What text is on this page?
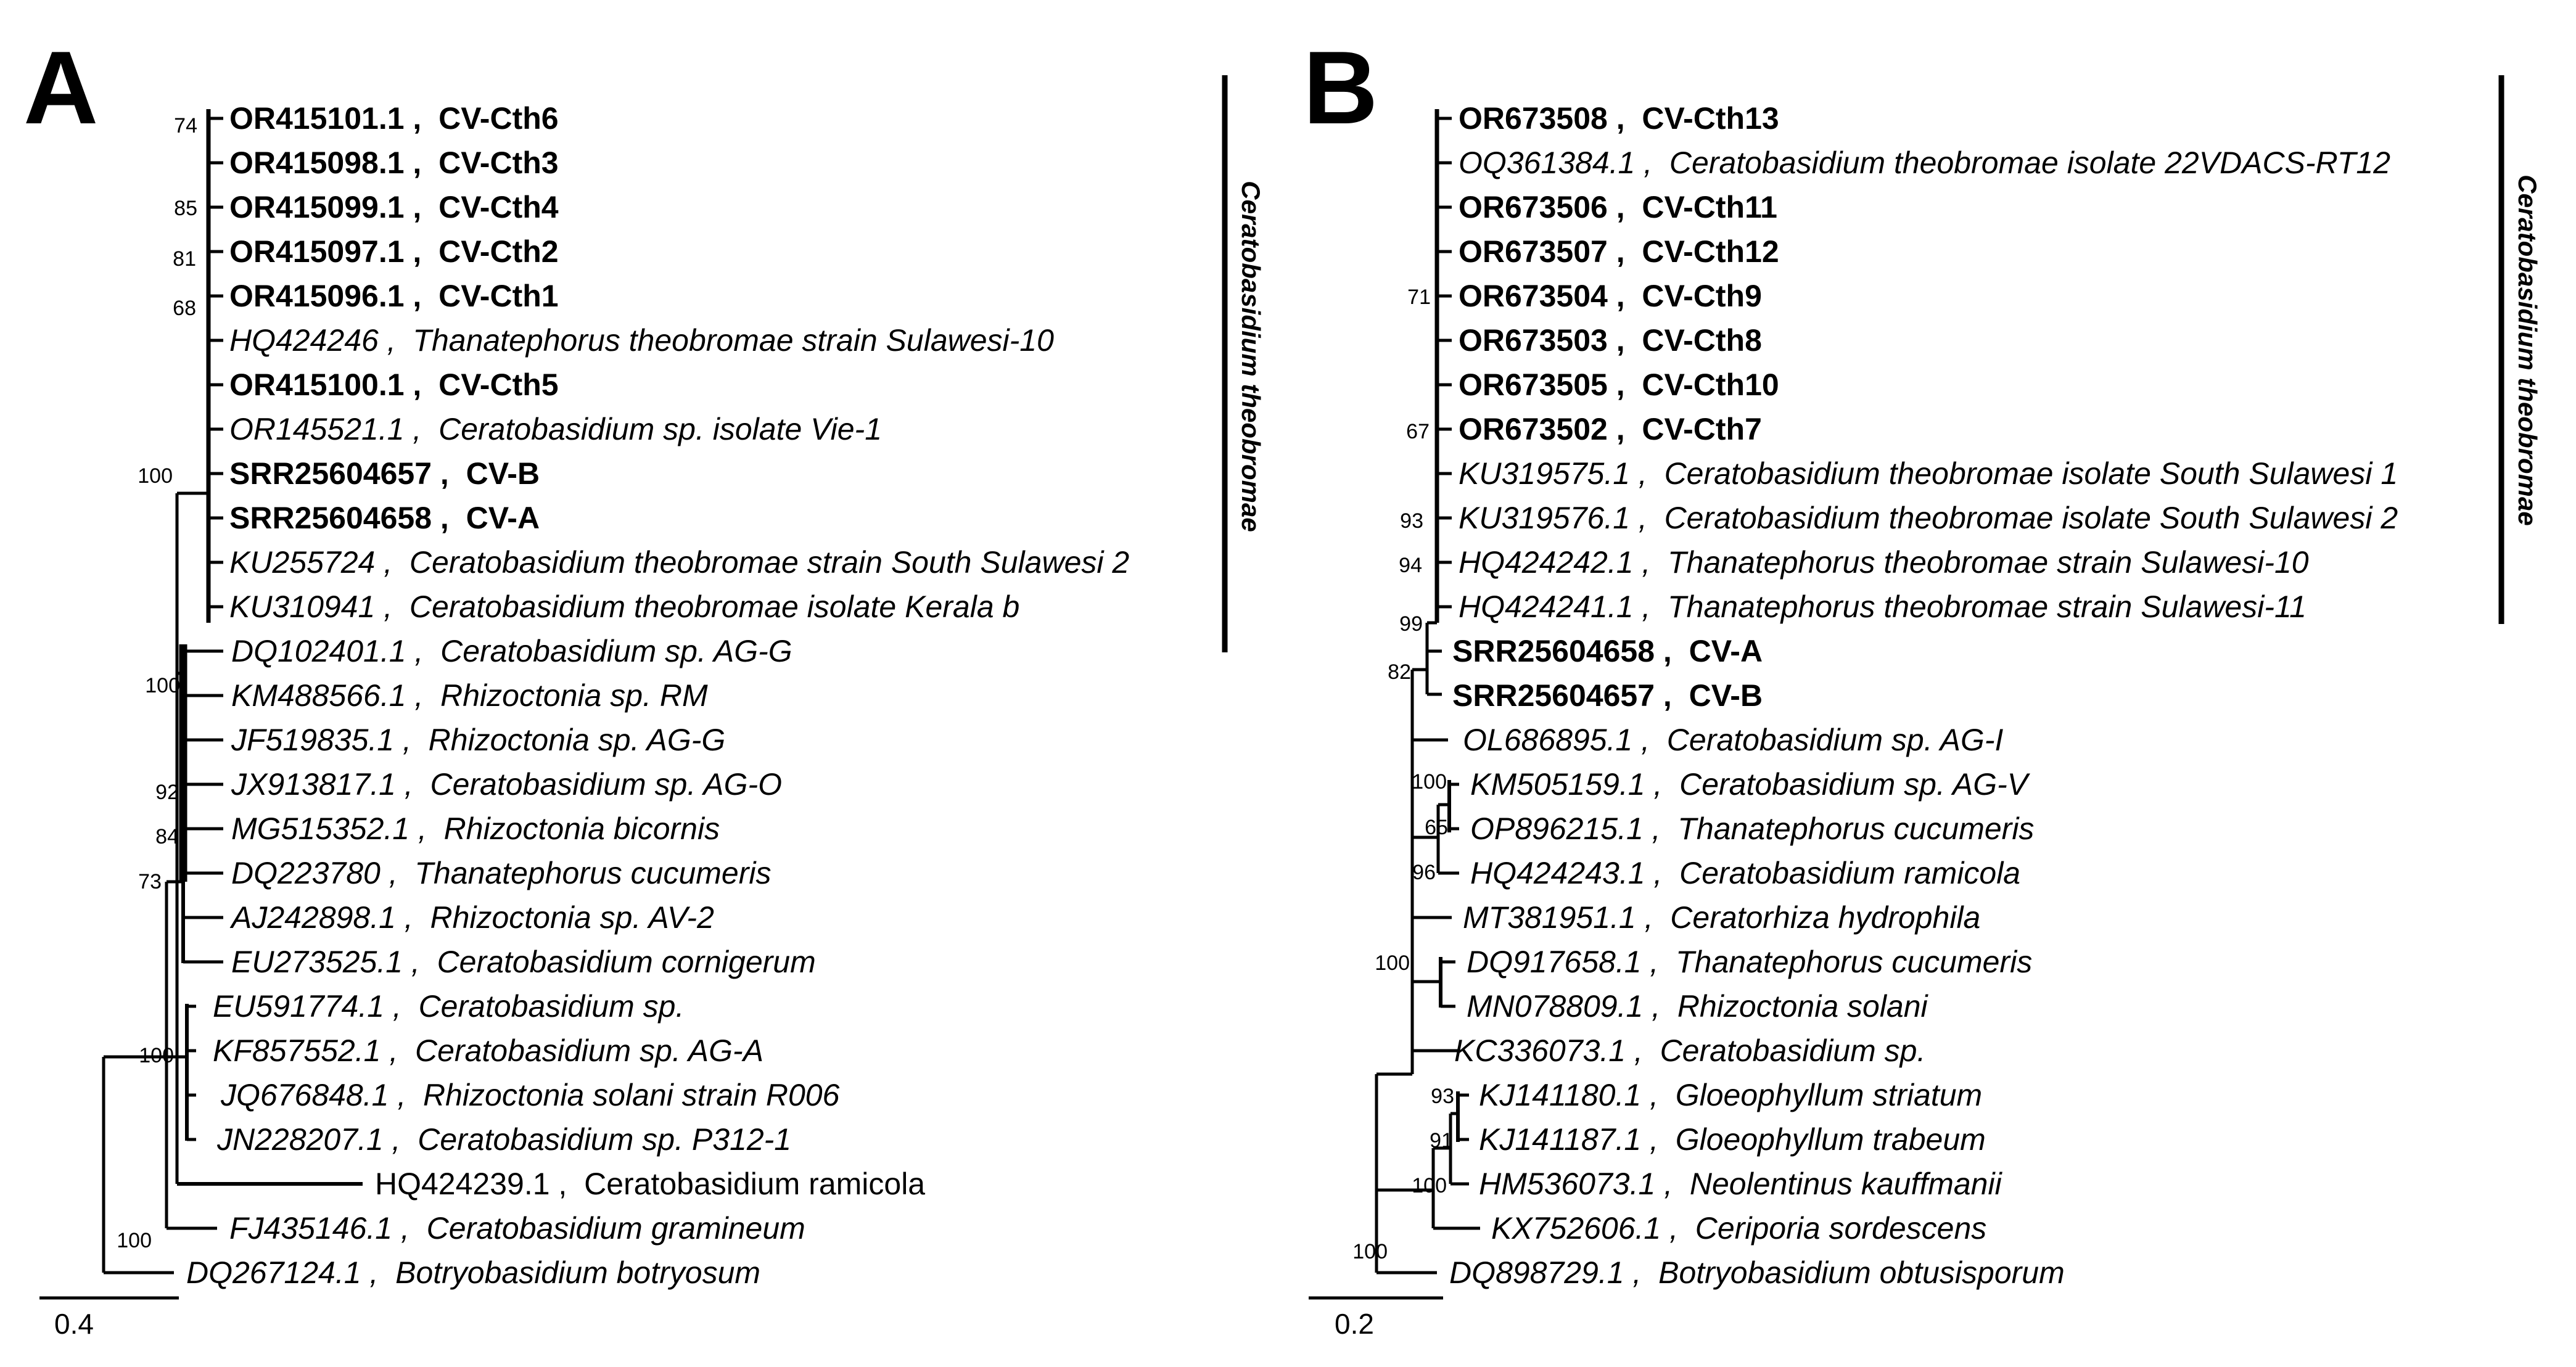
A
Ceratobasidium theobromae
0.4
B
Ceratobasidium theobromae
0.2
OR415101.1 ,  CV-Cth6
OR415098.1 ,  CV-Cth3
OR415099.1 ,  CV-Cth4
OR415097.1 ,  CV-Cth2
OR415096.1 ,  CV-Cth1
HQ424246 ,  Thanatephorus theobromae strain Sulawesi-10
OR415100.1 ,  CV-Cth5
OR145521.1 ,  Ceratobasidium sp. isolate Vie-1
SRR25604657 ,  CV-B
SRR25604658 ,  CV-A
KU255724 ,  Ceratobasidium theobromae strain South Sulawesi 2
KU310941 ,  Ceratobasidium theobromae isolate Kerala b
DQ102401.1 ,  Ceratobasidium sp. AG-G
KM488566.1 ,  Rhizoctonia sp. RM
JF519835.1 ,  Rhizoctonia sp. AG-G
JX913817.1 ,  Ceratobasidium sp. AG-O
MG515352.1 ,  Rhizoctonia bicornis
DQ223780 ,  Thanatephorus cucumeris
AJ242898.1 ,  Rhizoctonia sp. AV-2
EU273525.1 ,  Ceratobasidium cornigerum
EU591774.1 ,  Ceratobasidium sp.
KF857552.1 ,  Ceratobasidium sp. AG-A
JQ676848.1 ,  Rhizoctonia solani strain R006
JN228207.1 ,  Ceratobasidium sp. P312-1
HQ424239.1 ,  Ceratobasidium ramicola
FJ435146.1 ,  Ceratobasidium gramineum
DQ267124.1 ,  Botryobasidium botryosum
74
85
81
68
100
100
92
84
73
100
100
OR673508 ,  CV-Cth13
OQ361384.1 ,  Ceratobasidium theobromae isolate 22VDACS-RT12
OR673506 ,  CV-Cth11
OR673507 ,  CV-Cth12
OR673504 ,  CV-Cth9
OR673503 ,  CV-Cth8
OR673505 ,  CV-Cth10
OR673502 ,  CV-Cth7
KU319575.1 ,  Ceratobasidium theobromae isolate South Sulawesi 1
KU319576.1 ,  Ceratobasidium theobromae isolate South Sulawesi 2
HQ424242.1 ,  Thanatephorus theobromae strain Sulawesi-10
HQ424241.1 ,  Thanatephorus theobromae strain Sulawesi-11
SRR25604658 ,  CV-A
SRR25604657 ,  CV-B
OL686895.1 ,  Ceratobasidium sp. AG-I
KM505159.1 ,  Ceratobasidium sp. AG-V
OP896215.1 ,  Thanatephorus cucumeris
HQ424243.1 ,  Ceratobasidium ramicola
MT381951.1 ,  Ceratorhiza hydrophila
DQ917658.1 ,  Thanatephorus cucumeris
MN078809.1 ,  Rhizoctonia solani
KC336073.1 ,  Ceratobasidium sp.
KJ141180.1 ,  Gloeophyllum striatum
KJ141187.1 ,  Gloeophyllum trabeum
HM536073.1 ,  Neolentinus kauffmanii
KX752606.1 ,  Ceriporia sordescens
DQ898729.1 ,  Botryobasidium obtusisporum
71
67
93
94
99
82
100
65
96
100
93
91
100
100
